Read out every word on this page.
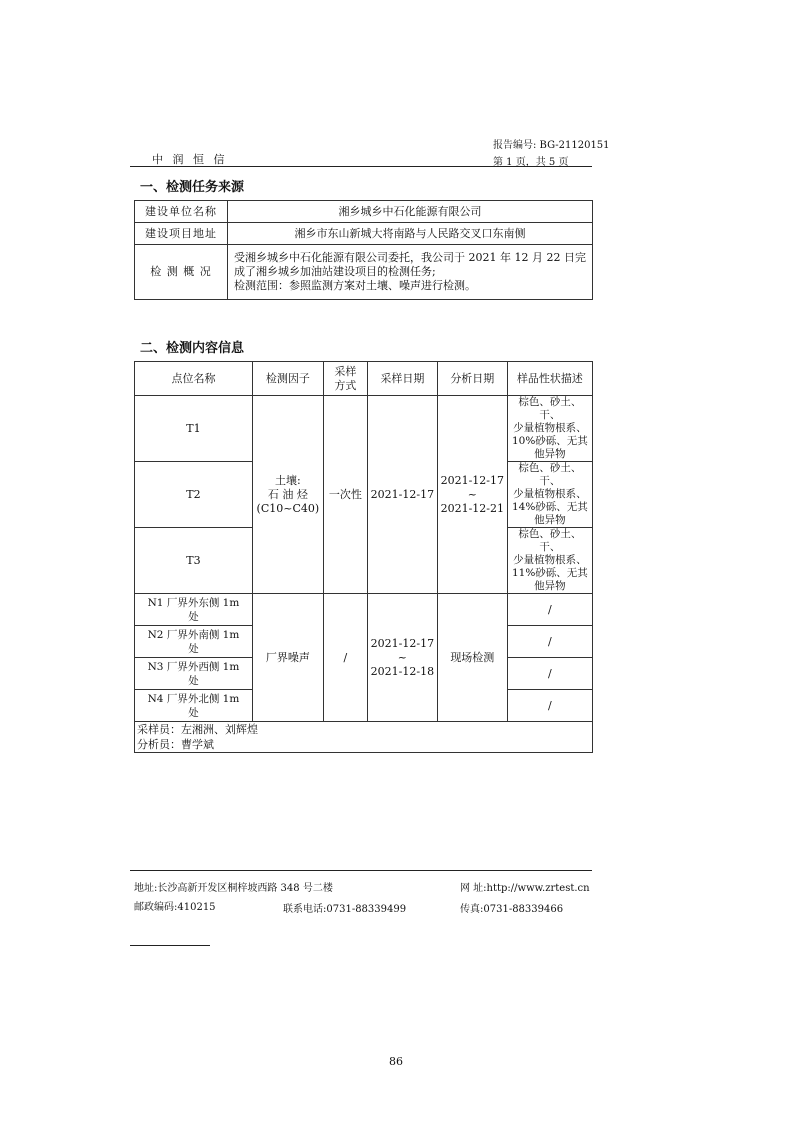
中 润 恒 信
报告编号: BG-21120151
第 1 页，共 5 页
一、检测任务来源
建设单位名称	湘乡城乡中石化能源有限公司
建设项目地址	湘乡市东山新城大将南路与人民路交叉口东南侧
检 测 概 况	受湘乡城乡中石化能源有限公司委托，我公司于 2021 年 12 月 22 日完成了湘乡城乡加油站建设项目的检测任务;
检测范围：参照监测方案对土壤、噪声进行检测。
二、检测内容信息
点位名称	检测因子	采样
方式	采样日期	分析日期	样品性状描述
T1	土壤:
石 油 烃
(C10~C40)	一次性	2021-12-17	2021-12-17
~
2021-12-21	棕色、砂土、干、
少量植物根系、
10%砂砾、无其
他异物
T2					棕色、砂土、干、
少量植物根系、
14%砂砾、无其
他异物
T3					棕色、砂土、干、
少量植物根系、
11%砂砾、无其
他异物
N1 厂界外东侧 1m
处	厂界噪声	/	2021-12-17
~
2021-12-18	现场检测	/
N2 厂界外南侧 1m
处					/
N3 厂界外西侧 1m
处					/
N4 厂界外北侧 1m
处					/
采样员：左湘洲、刘辉煌					
分析员：曹学斌					
地址:长沙高新开发区桐梓坡西路 348 号二楼	网 址:http://www.zrtest.cn
邮政编码:410215	联系电话:0731-88339499	传真:0731-88339466
86
